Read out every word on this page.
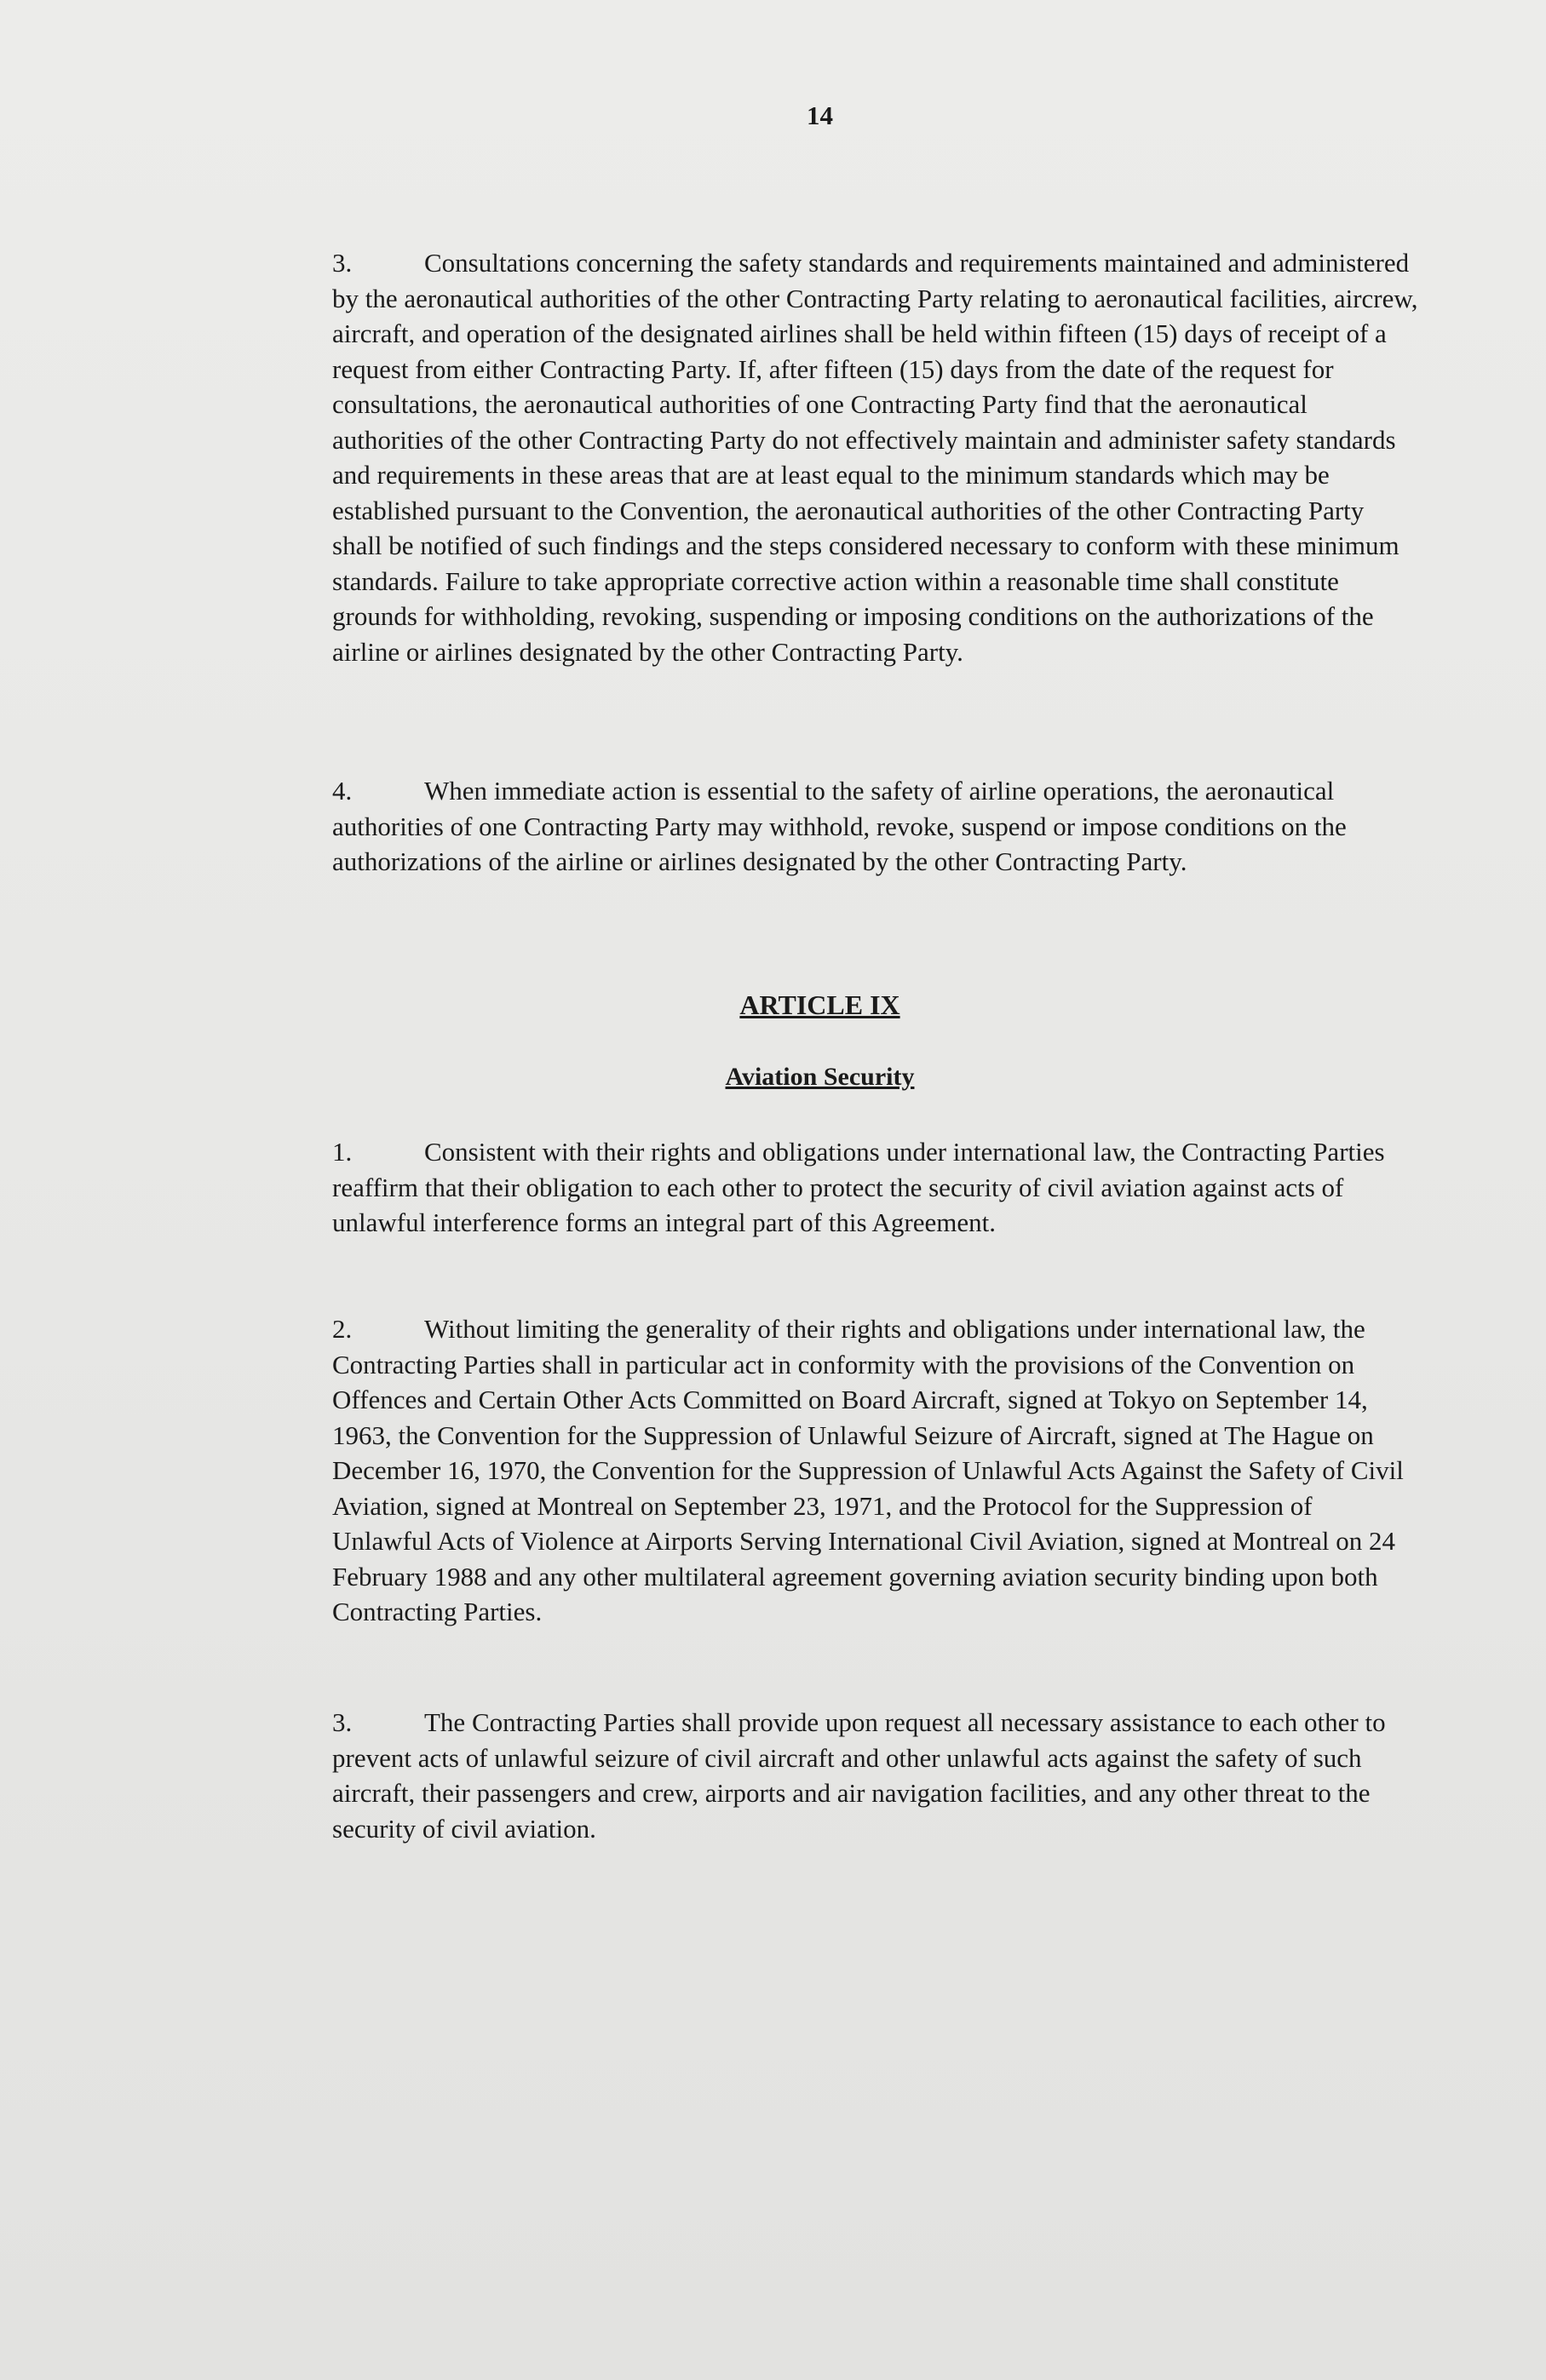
14

3.	Consultations concerning the safety standards and requirements maintained and administered by the aeronautical authorities of the other Contracting Party relating to aeronautical facilities, aircrew, aircraft, and operation of the designated airlines shall be held within fifteen (15) days of receipt of a request from either Contracting Party. If, after fifteen (15) days from the date of the request for consultations, the aeronautical authorities of one Contracting Party find that the aeronautical authorities of the other Contracting Party do not effectively maintain and administer safety standards and requirements in these areas that are at least equal to the minimum standards which may be established pursuant to the Convention, the aeronautical authorities of the other Contracting Party shall be notified of such findings and the steps considered necessary to conform with these minimum standards. Failure to take appropriate corrective action within a reasonable time shall constitute grounds for withholding, revoking, suspending or imposing conditions on the authorizations of the airline or airlines designated by the other Contracting Party.

4.	When immediate action is essential to the safety of airline operations, the aeronautical authorities of one Contracting Party may withhold, revoke, suspend or impose conditions on the authorizations of the airline or airlines designated by the other Contracting Party.

ARTICLE IX
Aviation Security

1.	Consistent with their rights and obligations under international law, the Contracting Parties reaffirm that their obligation to each other to protect the security of civil aviation against acts of unlawful interference forms an integral part of this Agreement.

2.	Without limiting the generality of their rights and obligations under international law, the Contracting Parties shall in particular act in conformity with the provisions of the Convention on Offences and Certain Other Acts Committed on Board Aircraft, signed at Tokyo on September 14, 1963, the Convention for the Suppression of Unlawful Seizure of Aircraft, signed at The Hague on December 16, 1970, the Convention for the Suppression of Unlawful Acts Against the Safety of Civil Aviation, signed at Montreal on September 23, 1971, and the Protocol for the Suppression of Unlawful Acts of Violence at Airports Serving International Civil Aviation, signed at Montreal on 24 February 1988 and any other multilateral agreement governing aviation security binding upon both Contracting Parties.

3.	The Contracting Parties shall provide upon request all necessary assistance to each other to prevent acts of unlawful seizure of civil aircraft and other unlawful acts against the safety of such aircraft, their passengers and crew, airports and air navigation facilities, and any other threat to the security of civil aviation.
